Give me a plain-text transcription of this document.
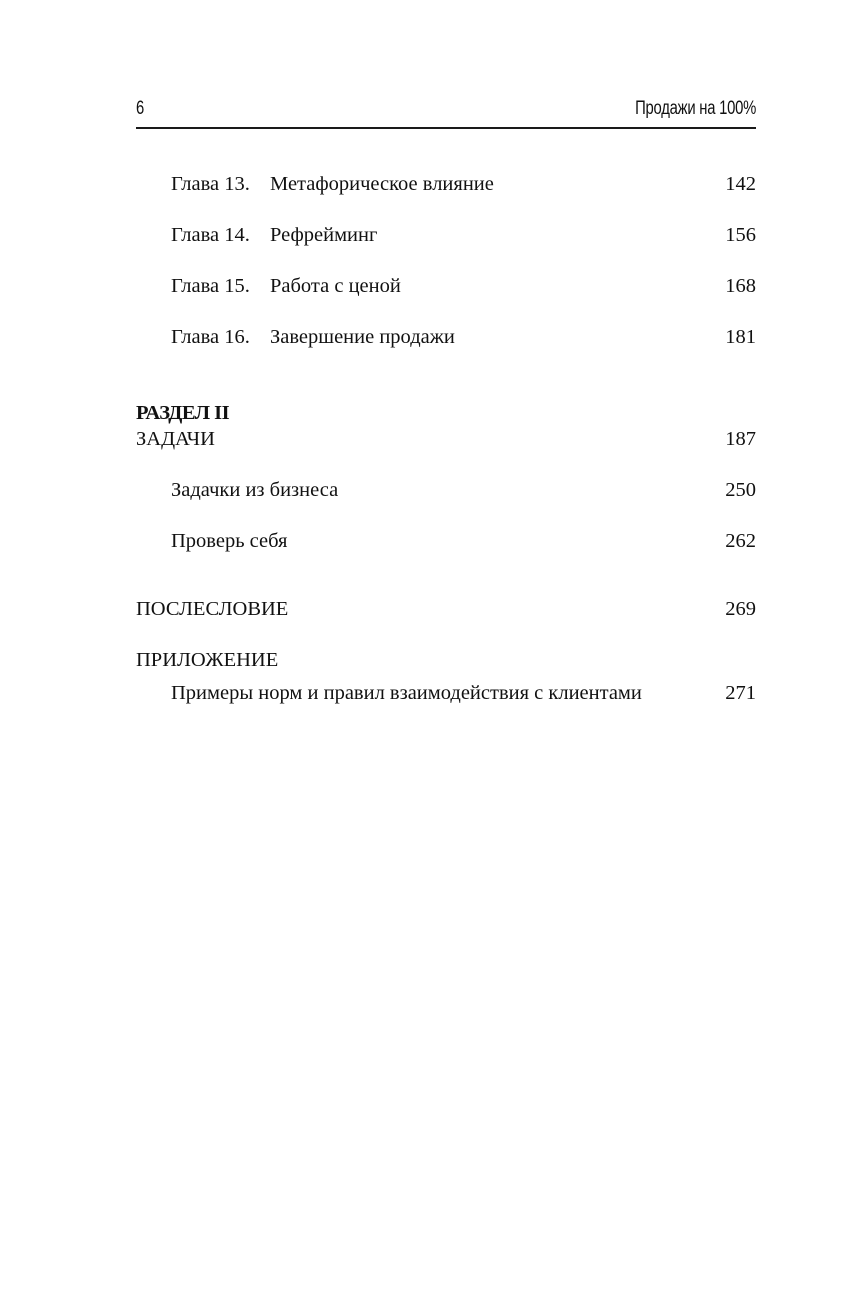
6	Продажи на 100%
Глава 13. Метафорическое влияние	142
Глава 14. Рефрейминг	156
Глава 15. Работа с ценой	168
Глава 16. Завершение продажи	181
РАЗДЕЛ II
ЗАДАЧИ	187
Задачки из бизнеса	250
Проверь себя	262
ПОСЛЕСЛОВИЕ	269
ПРИЛОЖЕНИЕ
Примеры норм и правил взаимодействия с клиентами	271
